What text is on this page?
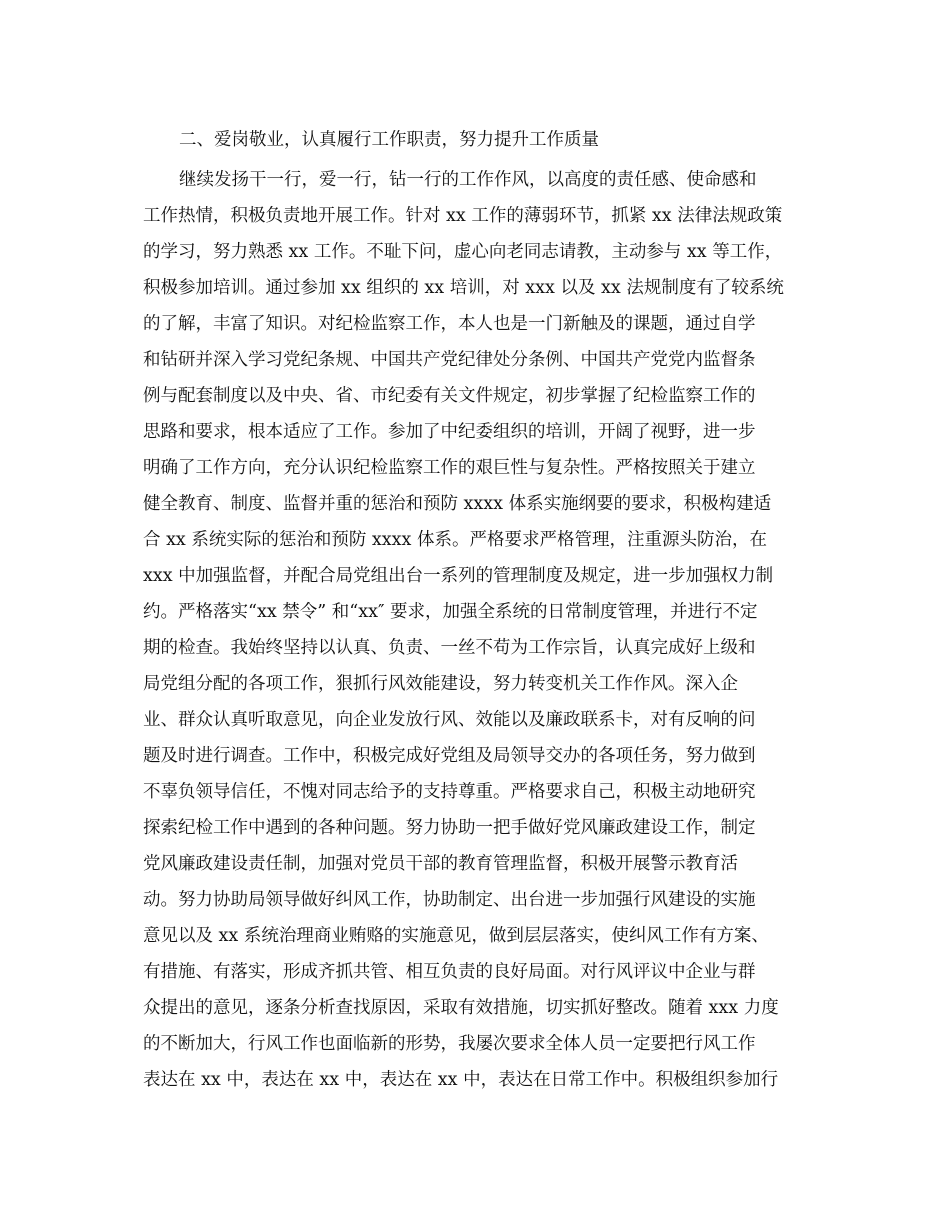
二、爱岗敬业，认真履行工作职责，努力提升工作质量
继续发扬干一行，爱一行，钻一行的工作作风，以高度的责任感、使命感和
工作热情，积极负责地开展工作。针对 xx 工作的薄弱环节，抓紧 xx 法律法规政策
的学习，努力熟悉 xx 工作。不耻下问，虚心向老同志请教，主动参与 xx 等工作，
积极参加培训。通过参加 xx 组织的 xx 培训，对 xxx 以及 xx 法规制度有了较系统
的了解，丰富了知识。对纪检监察工作，本人也是一门新触及的课题，通过自学
和钻研并深入学习党纪条规、中国共产党纪律处分条例、中国共产党党内监督条
例与配套制度以及中央、省、市纪委有关文件规定，初步掌握了纪检监察工作的
思路和要求，根本适应了工作。参加了中纪委组织的培训，开阔了视野，进一步
明确了工作方向，充分认识纪检监察工作的艰巨性与复杂性。严格按照关于建立
健全教育、制度、监督并重的惩治和预防 xxxx 体系实施纲要的要求，积极构建适
合 xx 系统实际的惩治和预防 xxxx 体系。严格要求严格管理，注重源头防治，在
xxx 中加强监督，并配合局党组出台一系列的管理制度及规定，进一步加强权力制
约。严格落实“xx 禁令” 和“xx″ 要求，加强全系统的日常制度管理，并进行不定
期的检查。我始终坚持以认真、负责、一丝不苟为工作宗旨，认真完成好上级和
局党组分配的各项工作，狠抓行风效能建设，努力转变机关工作作风。深入企
业、群众认真听取意见，向企业发放行风、效能以及廉政联系卡，对有反响的问
题及时进行调查。工作中，积极完成好党组及局领导交办的各项任务，努力做到
不辜负领导信任，不愧对同志给予的支持尊重。严格要求自己，积极主动地研究
探索纪检工作中遇到的各种问题。努力协助一把手做好党风廉政建设工作，制定
党风廉政建设责任制，加强对党员干部的教育管理监督，积极开展警示教育活
动。努力协助局领导做好纠风工作，协助制定、出台进一步加强行风建设的实施
意见以及 xx 系统治理商业贿赂的实施意见，做到层层落实，使纠风工作有方案、
有措施、有落实，形成齐抓共管、相互负责的良好局面。对行风评议中企业与群
众提出的意见，逐条分析查找原因，采取有效措施，切实抓好整改。随着 xxx 力度
的不断加大，行风工作也面临新的形势，我屡次要求全体人员一定要把行风工作
表达在 xx 中，表达在 xx 中，表达在 xx 中，表达在日常工作中。积极组织参加行
